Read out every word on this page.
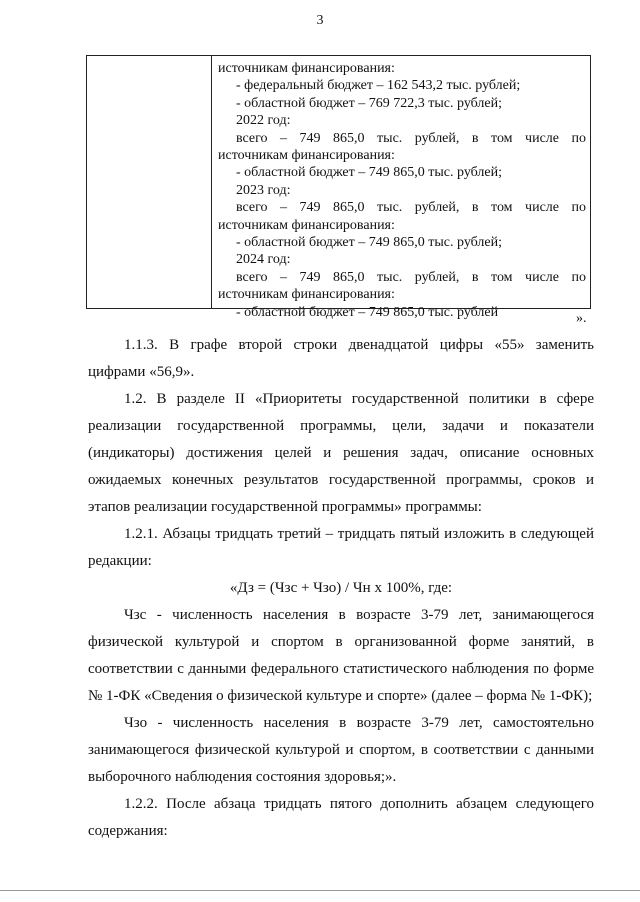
3
источникам финансирования:
- федеральный бюджет – 162 543,2 тыс. рублей;
- областной бюджет – 769 722,3 тыс. рублей;
2022 год:
всего – 749 865,0 тыс. рублей, в том числе по
источникам финансирования:
- областной бюджет – 749 865,0 тыс. рублей;
2023 год:
всего – 749 865,0 тыс. рублей, в том числе по
источникам финансирования:
- областной бюджет – 749 865,0 тыс. рублей;
2024 год:
всего – 749 865,0 тыс. рублей, в том числе по
источникам финансирования:
- областной бюджет – 749 865,0 тыс. рублей	».

1.1.3. В графе второй строки двенадцатой цифры «55» заменить цифрами «56,9».

1.2. В разделе II «Приоритеты государственной политики в сфере реализации государственной программы, цели, задачи и показатели (индикаторы) достижения целей и решения задач, описание основных ожидаемых конечных результатов государственной программы, сроков и этапов реализации государственной программы» программы:

1.2.1. Абзацы тридцать третий – тридцать пятый изложить в следующей редакции:

«Дз = (Чзс + Чзо) / Чн х 100%, где:

Чзс - численность населения в возрасте 3-79 лет, занимающегося физической культурой и спортом в организованной форме занятий, в соответствии с данными федерального статистического наблюдения по форме № 1-ФК «Сведения о физической культуре и спорте» (далее – форма № 1-ФК);

Чзо - численность населения в возрасте 3-79 лет, самостоятельно занимающегося физической культурой и спортом, в соответствии с данными выборочного наблюдения состояния здоровья;».

1.2.2. После абзаца тридцать пятого дополнить абзацем следующего содержания:
